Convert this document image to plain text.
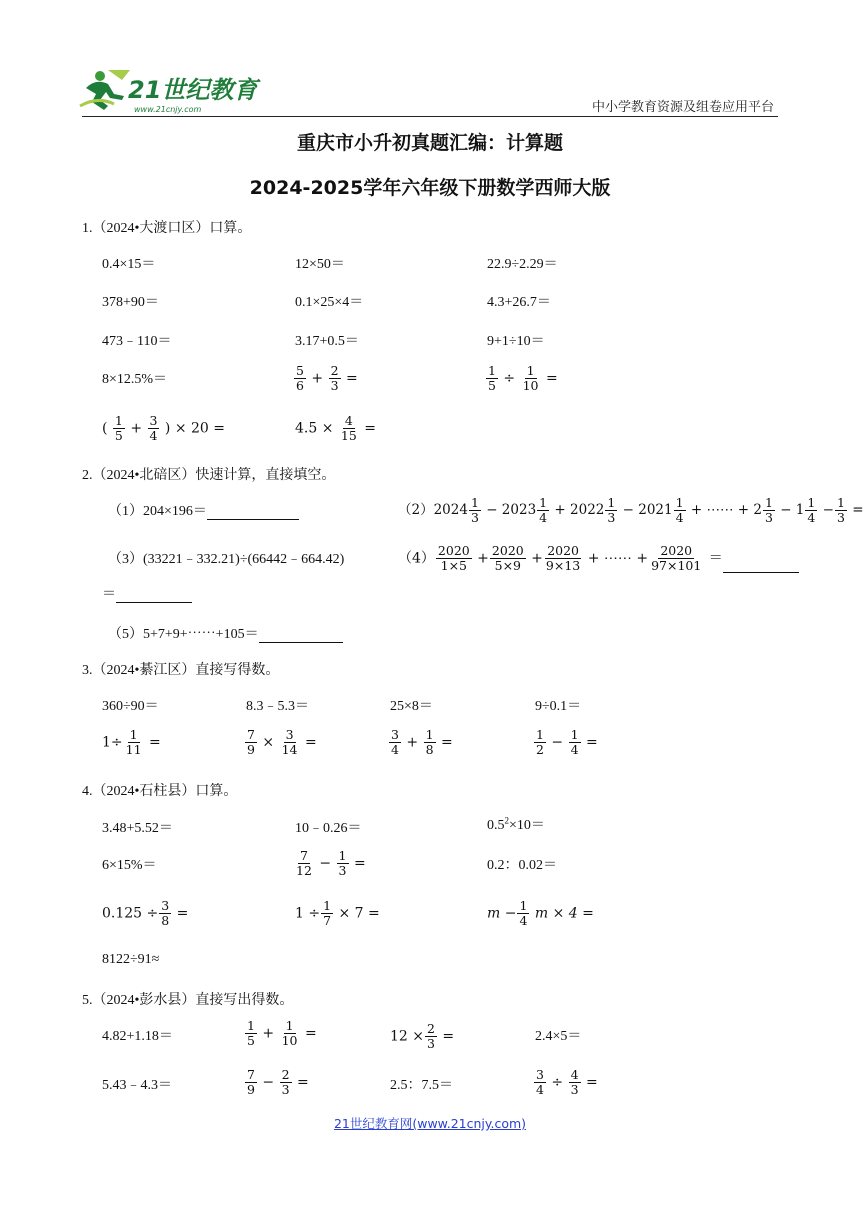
21世纪教育
www.21cnjy.com	中小学教育资源及组卷应用平台
重庆市小升初真题汇编：计算题
2024-2025学年六年级下册数学西师大版
1.（2024•大渡口区）口算。
0.4×15＝	12×50＝	22.9÷2.29＝
378+90＝	0.1×25×4＝	4.3+26.7＝
473﹣110＝	3.17+0.5＝	9+1÷10＝
8×12.5%＝	$\frac{5}{6} + \frac{2}{3}$ =	$\frac{1}{5} \div \frac{1}{10}$ =
( $\frac{1}{5} + \frac{3}{4}$ ) × 20 =	$4.5 \times \frac{4}{15}$ =
2.（2024•北碚区）快速计算，直接填空。
（1）204×196＝	$(2)2024 \frac{1}{3} - 2023 \frac{1}{4} + 2022 \frac{1}{3} - 2021 \frac{1}{4}$ + ⋯⋯ + $2 \frac{1}{3} - 1 \frac{1}{4} - \frac{1}{3}$ =
（3）(33221﹣332.21)÷(66442﹣664.42)
＝
$(4) \frac{2020}{1\times 5} + \frac{2020}{5\times 9} + \frac{2020}{9\times 13}$ + ⋯⋯ + $\frac{2020}{97\times 101}$ ＝
（5）5+7+9+⋯⋯+105＝
3.（2024•綦江区）直接写得数。
360÷90＝	8.3﹣5.3＝	25×8＝	9÷0.1＝
$1\div \frac{1}{11}$ =	$\frac{7}{9} \times \frac{3}{14}$ =	$\frac{3}{4} + \frac{1}{8}$ =	$\frac{1}{2} - \frac{1}{4}$ =
4.（2024•石柱县）口算。
3.48+5.52＝	10﹣0.26＝	$0.5^2\times 10=$
6×15%＝	$\frac{7}{12} - \frac{1}{3}$ =	0.2：0.02＝
$0.125 \div \frac{3}{8}$ =	$1 \div \frac{1}{7} \times 7$ =	$m - \frac{1}{4}$ m × 4 =
8122÷91≈
5.（2024•彭水县）直接写出得数。
4.82+1.18＝	$\frac{1}{5} + \frac{1}{10}$ =	$12 \times \frac{2}{3}$ =	2.4×5＝
5.43﹣4.3＝	$\frac{7}{9} - \frac{2}{3}$ =	2.5：7.5＝	$\frac{3}{4} \div \frac{4}{3}$ =
21世纪教育网(www.21cnjy.com)
